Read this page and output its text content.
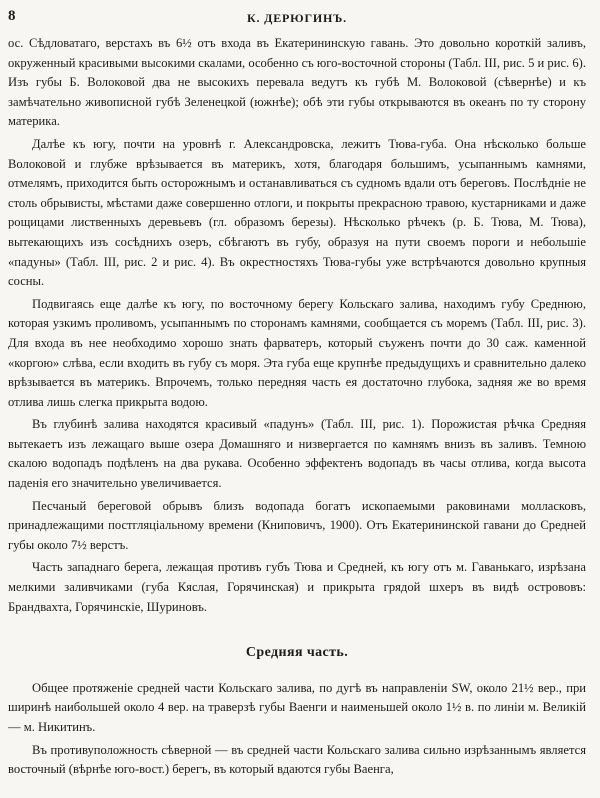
8	К. ДЕРЮГИНЪ.

ос. Сѣдловатаго, верстахъ въ 6½ отъ входа въ Екатерининскую гавань. Это довольно короткій заливъ, окруженный красивыми высокими скалами, особенно съ юго-восточной стороны (Табл. III, рис. 5 и рис. 6). Изъ губы Б. Волоковой два не высокихъ перевала ведутъ къ губѣ М. Волоковой (сѣвернѣе) и къ замѣчательно живописной губѣ Зеленецкой (южнѣе); обѣ эти губы открываются въ океанъ по ту сторону материка.

Далѣе къ югу, почти на уровнѣ г. Александровска, лежитъ Тюва-губа. Она нѣсколько больше Волоковой и глубже врѣзывается въ материкъ, хотя, благодаря большимъ, усыпаннымъ камнями, отмелямъ, приходится быть осторожнымъ и останавливаться съ судномъ вдали отъ береговъ. Послѣдніе не столь обрывисты, мѣстами даже совершенно отлоги, и покрыты прекрасною травою, кустарниками и даже рощицами лиственныхъ деревьевъ (гл. образомъ березы). Нѣсколько рѣчекъ (р. Б. Тюва, М. Тюва), вытекающихъ изъ сосѣднихъ озеръ, сбѣгаютъ въ губу, образуя на пути своемъ пороги и небольшіе «падуны» (Табл. III, рис. 2 и рис. 4). Въ окрестностяхъ Тюва-губы уже встрѣчаются довольно крупныя сосны.

Подвигаясь еще далѣе къ югу, по восточному берегу Кольскаго залива, находимъ губу Среднюю, которая узкимъ проливомъ, усыпаннымъ по сторонамъ камнями, сообщается съ моремъ (Табл. III, рис. 3). Для входа въ нее необходимо хорошо знать фарватеръ, который съуженъ почти до 30 саж. каменной «коргою» слѣва, если входить въ губу съ моря. Эта губа еще крупнѣе предыдущихъ и сравнительно далеко врѣзывается въ материкъ. Впрочемъ, только передняя часть ея достаточно глубока, задняя же во время отлива лишь слегка прикрыта водою.

Въ глубинѣ залива находятся красивый «падунъ» (Табл. III, рис. 1). Порожистая рѣчка Средняя вытекаетъ изъ лежащаго выше озера Домашняго и низвергается по камнямъ внизъ въ заливъ. Темною скалою водопадъ подѣленъ на два рукава. Особенно эффектенъ водопадъ въ часы отлива, когда высота паденія его значительно увеличивается.

Песчаный береговой обрывъ близъ водопада богатъ ископаемыми раковинами молласковъ, принадлежащими постгляціальному времени (Книповичъ, 1900). Отъ Екатерининской гавани до Средней губы около 7½ верстъ.

Часть западнаго берега, лежащая противъ губъ Тюва и Средней, къ югу отъ м. Гаванькаго, изрѣзана мелкими заливчиками (губа Кяслая, Горячинская) и прикрыта грядой шхеръ въ видѣ острововъ: Брандвахта, Горячинскіе, Шуриновъ.

Средняя часть.

Общее протяженіе средней части Кольскаго залива, по дугѣ въ направленіи SW, около 21½ вер., при ширинѣ наибольшей около 4 вер. на траверзѣ губы Ваенги и наименьшей около 1½ в. по линіи м. Великій — м. Никитинъ.

Въ противуположность сѣверной — въ средней части Кольскаго залива сильно изрѣзаннымъ является восточный (вѣрнѣе юго-вост.) берегъ, въ который вдаются губы Ваенга,
